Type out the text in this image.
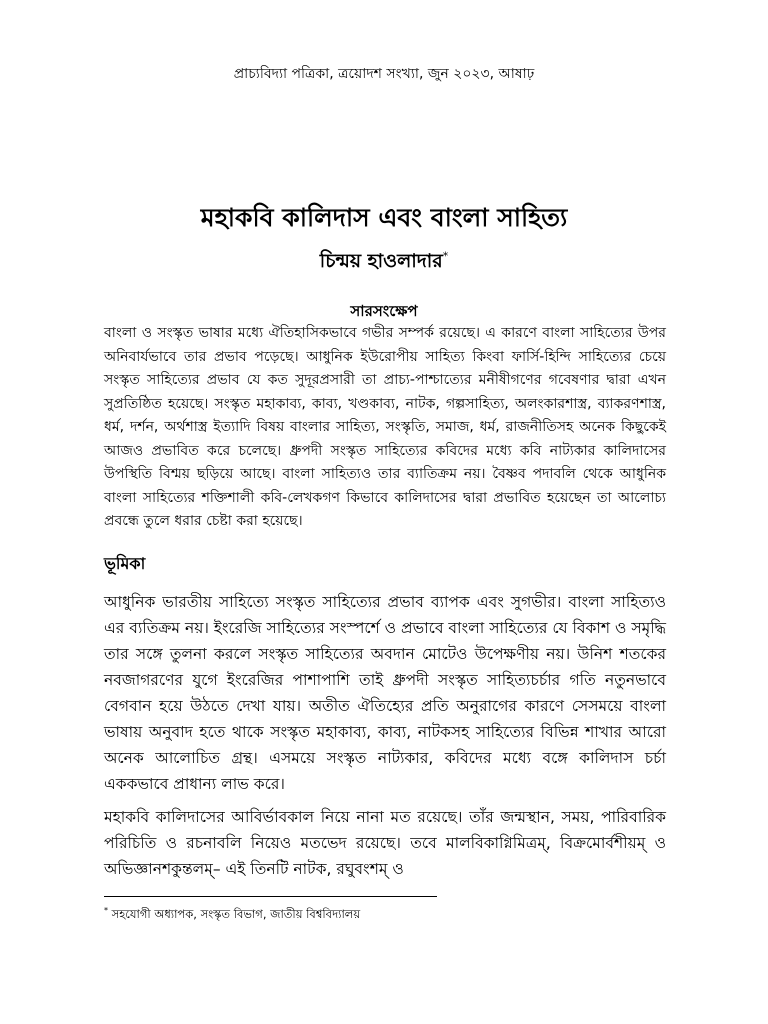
প্রাচ্যবিদ্যা পত্রিকা, ত্রয়োদশ সংখ্যা, জুন ২০২৩, আষাঢ়
মহাকবি কালিদাস এবং বাংলা সাহিত্য
চিন্ময় হাওলাদার*
সারসংক্ষেপ

বাংলা ও সংস্কৃত ভাষার মধ্যে ঐতিহাসিকভাবে গভীর সম্পর্ক রয়েছে। এ কারণে বাংলা সাহিত্যের উপর অনিবার্যভাবে তার প্রভাব পড়েছে। আধুনিক ইউরোপীয় সাহিত্য কিংবা ফার্সি-হিন্দি সাহিত্যের চেয়ে সংস্কৃত সাহিত্যের প্রভাব যে কত সুদূরপ্রসারী তা প্রাচ্য-পাশ্চাত্যের মনীষীগণের গবেষণার দ্বারা এখন সুপ্রতিষ্ঠিত হয়েছে। সংস্কৃত মহাকাব্য, কাব্য, খণ্ডকাব্য, নাটক, গল্পসাহিত্য, অলংকারশাস্ত্র, ব্যাকরণশাস্ত্র, ধর্ম, দর্শন, অর্থশাস্ত্র ইত্যাদি বিষয় বাংলার সাহিত্য, সংস্কৃতি, সমাজ, ধর্ম, রাজনীতিসহ অনেক কিছুকেই আজও প্রভাবিত করে চলেছে। ধ্রুপদী সংস্কৃত সাহিত্যের কবিদের মধ্যে কবি নাট্যকার কালিদাসের উপস্থিতি বিশ্ময় ছড়িয়ে আছে। বাংলা সাহিত্যও তার ব্যাতিক্রম নয়। বৈষ্ণব পদাবলি থেকে আধুনিক বাংলা সাহিত্যের শক্তিশালী কবি-লেখকগণ কিভাবে কালিদাসের দ্বারা প্রভাবিত হয়েছেন তা আলোচ্য প্রবন্ধে তুলে ধরার চেষ্টা করা হয়েছে।

ভূমিকা

আধুনিক ভারতীয় সাহিত্যে সংস্কৃত সাহিত্যের প্রভাব ব্যাপক এবং সুগভীর। বাংলা সাহিত্যও এর ব্যতিক্রম নয়। ইংরেজি সাহিত্যের সংস্পর্শে ও প্রভাবে বাংলা সাহিত্যের যে বিকাশ ও সমৃদ্ধি তার সঙ্গে তুলনা করলে সংস্কৃত সাহিত্যের অবদান মোটেও উপেক্ষণীয় নয়। উনিশ শতকের নবজাগরণের যুগে ইংরেজির পাশাপাশি তাই ধ্রুপদী সংস্কৃত সাহিত্যচর্চার গতি নতুনভাবে বেগবান হয়ে উঠতে দেখা যায়। অতীত ঐতিহ্যের প্রতি অনুরাগের কারণে সেসময়ে বাংলা ভাষায় অনুবাদ হতে থাকে সংস্কৃত মহাকাব্য, কাব্য, নাটকসহ সাহিত্যের বিভিন্ন শাখার আরো অনেক আলোচিত গ্রন্থ। এসময়ে সংস্কৃত নাট্যকার, কবিদের মধ্যে বঙ্গে কালিদাস চর্চা এককভাবে প্রাধান্য লাভ করে।

মহাকবি কালিদাসের আবির্ভাবকাল নিয়ে নানা মত রয়েছে। তাঁর জন্মস্থান, সময়, পারিবারিক পরিচিতি ও রচনাবলি নিয়েও মতভেদ রয়েছে। তবে মালবিকাগ্নিমিত্রম্, বিক্রমোর্বশীয়ম্ ও অভিজ্ঞানশকুন্তলম্– এই তিনটি নাটক, রঘুবংশম্ ও

* সহযোগী অধ্যাপক, সংস্কৃত বিভাগ, জাতীয় বিশ্ববিদ্যালয়
